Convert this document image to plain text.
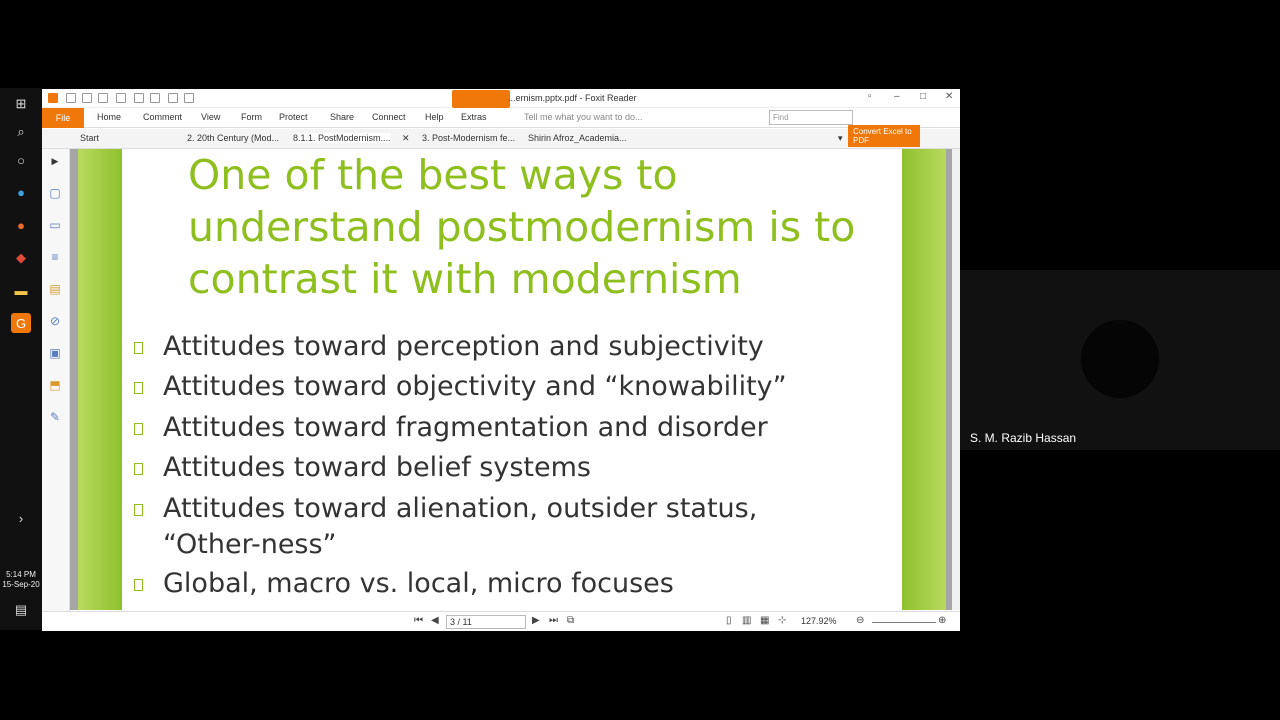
⊞
⌕
○
●
●
◆
▬
G
›
5:14 PM
15-Sep-20
▤
...ernism.pptx.pdf - Foxit Reader	▫ – □ ✕
File	Home Comment View Form Protect Share Connect Help Extras	Tell me what you want to do...	Find
Start	2. 20th Century (Mod... 8.1.1. PostModernism.... ✕ 3. Post-Modernism fe... Shirin Afroz_Academia...	▾
Convert Excel to PDF
▶
▢
▭
≡
▤
⊘
▣
⬒
✎
One of the best ways to understand postmodernism is to contrast it with modernism
Attitudes toward perception and subjectivity
Attitudes toward objectivity and “knowability”
Attitudes toward fragmentation and disorder
Attitudes toward belief systems
Attitudes toward alienation, outsider status, “Other-ness”
Global, macro vs. local, micro focuses
⏮ ◀	3 / 11	▶ ⏭ ⧉	▯ ▥ ▦ ⊹ 127.92% ⊖	⊕
S. M. Razib Hassan
